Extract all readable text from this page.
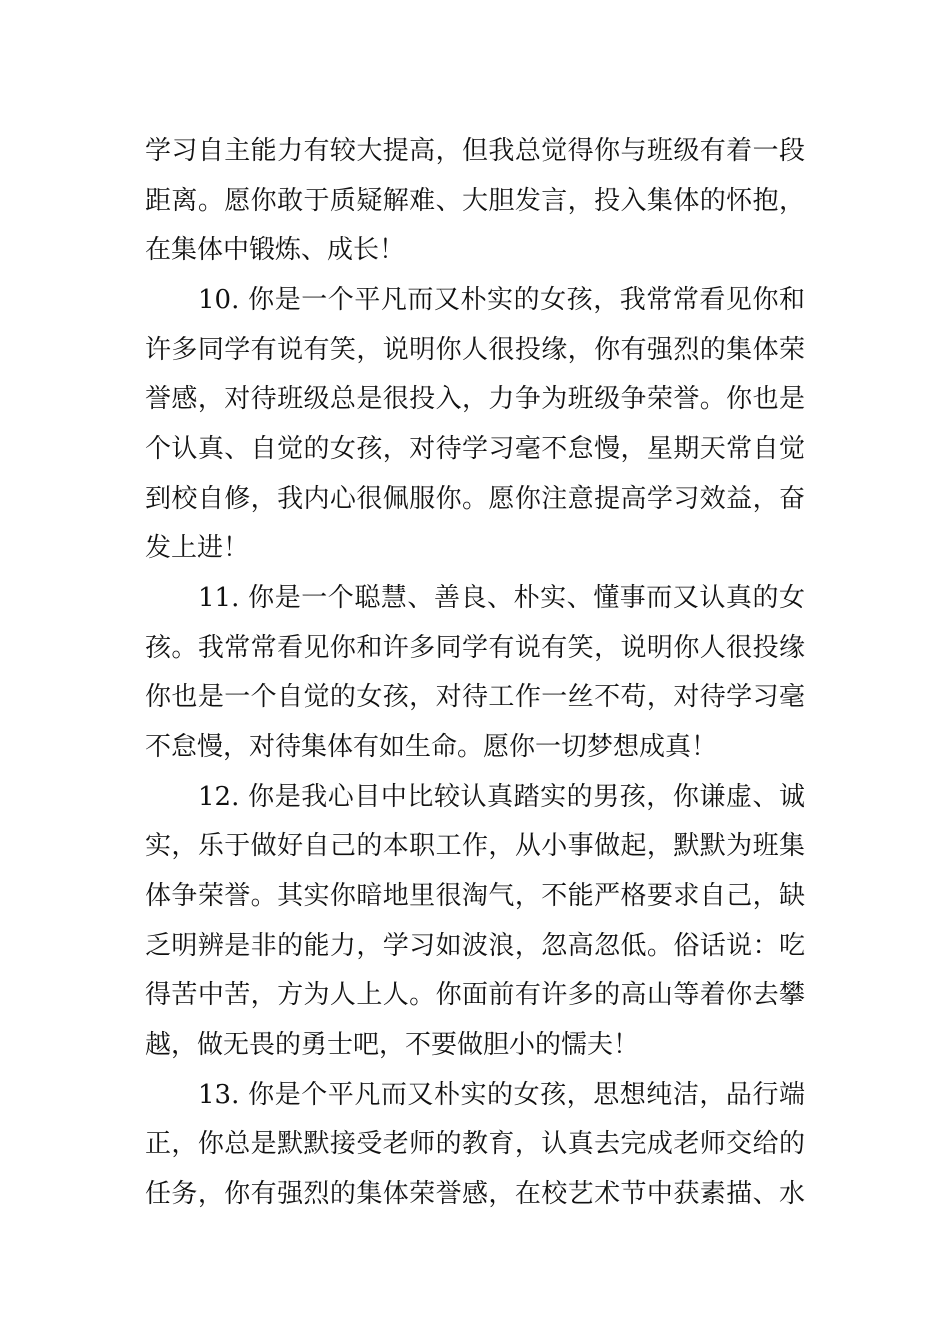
学习自主能力有较大提高，但我总觉得你与班级有着一段
距离。愿你敢于质疑解难、大胆发言，投入集体的怀抱，
在集体中锻炼、成长！
10. 你是一个平凡而又朴实的女孩，我常常看见你和
许多同学有说有笑，说明你人很投缘，你有强烈的集体荣
誉感，对待班级总是很投入，力争为班级争荣誉。你也是
个认真、自觉的女孩，对待学习毫不怠慢，星期天常自觉
到校自修，我内心很佩服你。愿你注意提高学习效益，奋
发上进！
11. 你是一个聪慧、善良、朴实、懂事而又认真的女
孩。我常常看见你和许多同学有说有笑，说明你人很投缘
你也是一个自觉的女孩，对待工作一丝不苟，对待学习毫
不怠慢，对待集体有如生命。愿你一切梦想成真！
12. 你是我心目中比较认真踏实的男孩，你谦虚、诚
实，乐于做好自己的本职工作，从小事做起，默默为班集
体争荣誉。其实你暗地里很淘气，不能严格要求自己，缺
乏明辨是非的能力，学习如波浪，忽高忽低。俗话说：吃
得苦中苦，方为人上人。你面前有许多的高山等着你去攀
越，做无畏的勇士吧，不要做胆小的懦夫！
13. 你是个平凡而又朴实的女孩，思想纯洁，品行端
正，你总是默默接受老师的教育，认真去完成老师交给的
任务，你有强烈的集体荣誉感，在校艺术节中获素描、水
